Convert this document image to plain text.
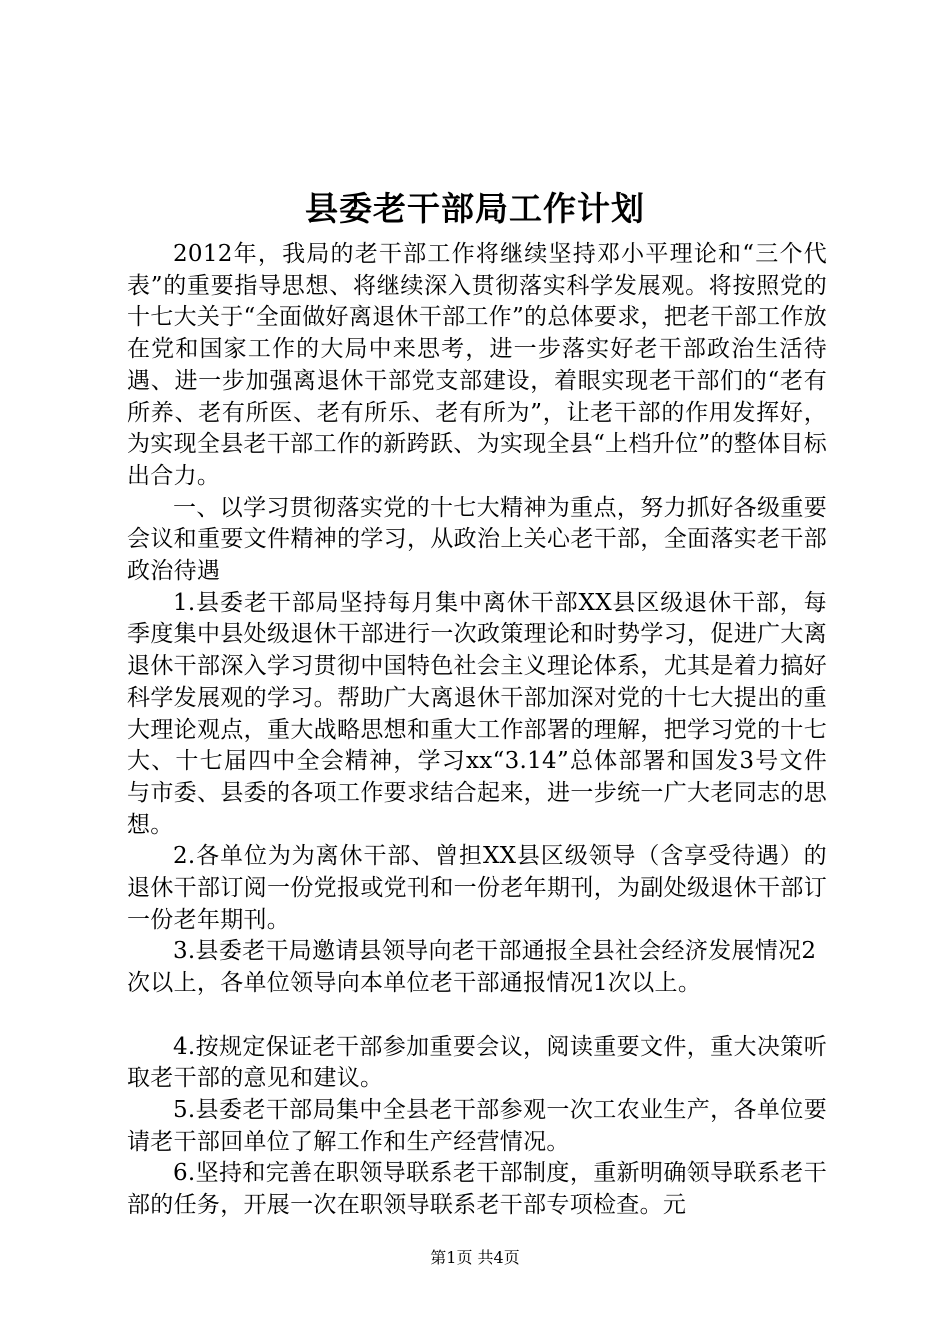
县委老干部局工作计划

2012年，我局的老干部工作将继续坚持邓小平理论和“三个代表”的重要指导思想、将继续深入贯彻落实科学发展观。将按照党的十七大关于“全面做好离退休干部工作”的总体要求，把老干部工作放在党和国家工作的大局中来思考，进一步落实好老干部政治生活待遇、进一步加强离退休干部党支部建设，着眼实现老干部们的“老有所养、老有所医、老有所乐、老有所为”，让老干部的作用发挥好，为实现全县老干部工作的新跨跃、为实现全县“上档升位”的整体目标出合力。

一、以学习贯彻落实党的十七大精神为重点，努力抓好各级重要会议和重要文件精神的学习，从政治上关心老干部，全面落实老干部政治待遇

1.县委老干部局坚持每月集中离休干部XX县区级退休干部，每季度集中县处级退休干部进行一次政策理论和时势学习，促进广大离退休干部深入学习贯彻中国特色社会主义理论体系，尤其是着力搞好科学发展观的学习。帮助广大离退休干部加深对党的十七大提出的重大理论观点，重大战略思想和重大工作部署的理解，把学习党的十七大、十七届四中全会精神，学习xx“3.14”总体部署和国发3号文件与市委、县委的各项工作要求结合起来，进一步统一广大老同志的思想。

2.各单位为为离休干部、曾担XX县区级领导（含享受待遇）的退休干部订阅一份党报或党刊和一份老年期刊，为副处级退休干部订一份老年期刊。

3.县委老干局邀请县领导向老干部通报全县社会经济发展情况2次以上，各单位领导向本单位老干部通报情况1次以上。

4.按规定保证老干部参加重要会议，阅读重要文件，重大决策听取老干部的意见和建议。

5.县委老干部局集中全县老干部参观一次工农业生产，各单位要请老干部回单位了解工作和生产经营情况。

6.坚持和完善在职领导联系老干部制度，重新明确领导联系老干部的任务，开展一次在职领导联系老干部专项检查。元

第1页 共4页
